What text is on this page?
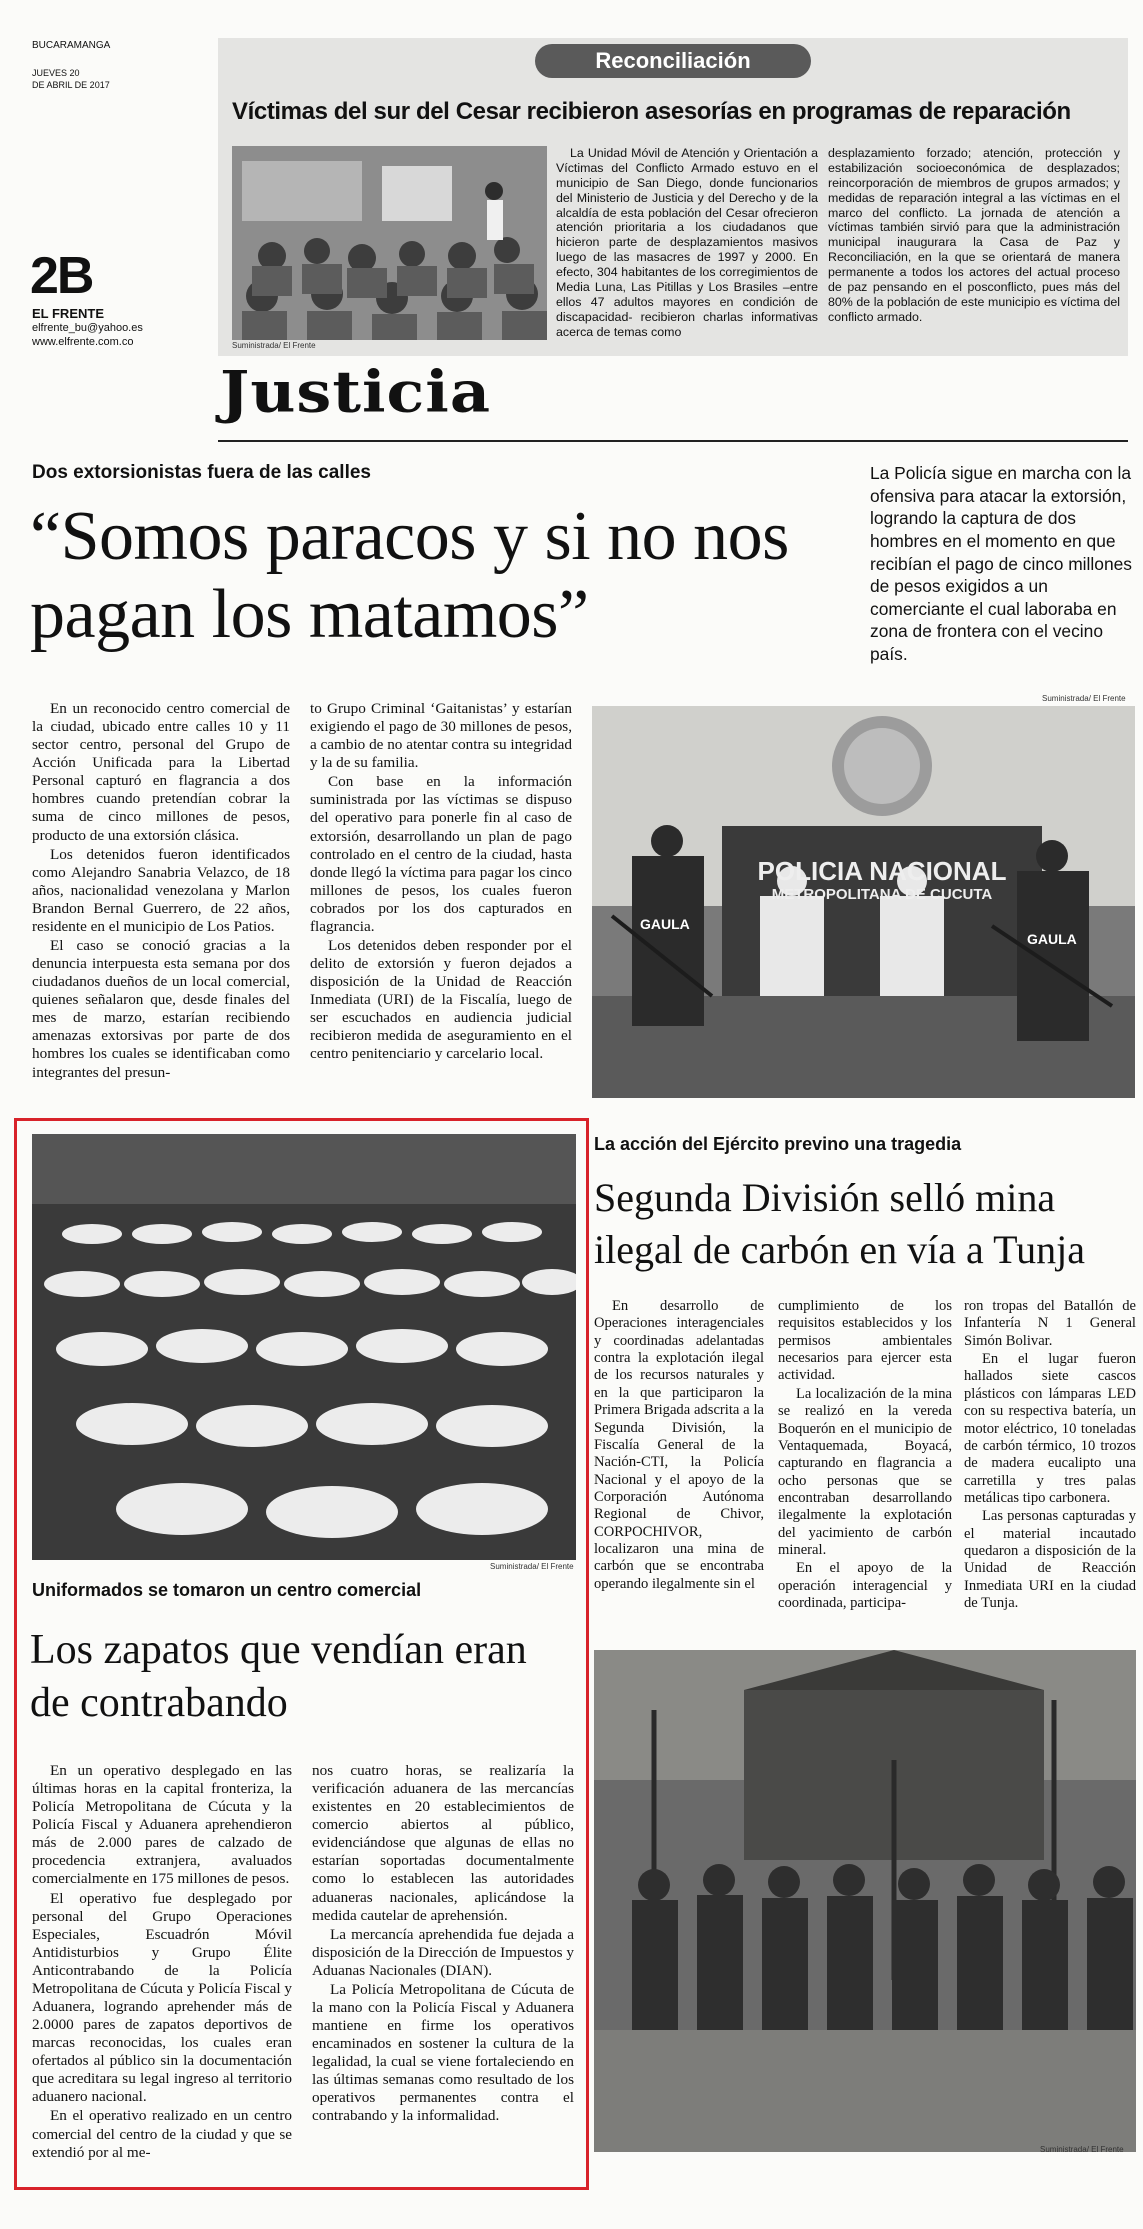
BUCARAMANGA
JUEVES 20
DE ABRIL DE 2017
2B
EL FRENTE
elfrente_bu@yahoo.es
www.elfrente.com.co
Reconciliación
Víctimas del sur del Cesar recibieron asesorías en programas de reparación
Suministrada/ El Frente
La Unidad Móvil de Atención y Orientación a Víctimas del Conflicto Armado estuvo en el municipio de San Diego, donde funcionarios del Ministerio de Justicia y del Derecho y de la alcaldía de esta población del Cesar ofrecieron atención prioritaria a los ciudadanos que hicieron parte de desplazamientos masivos luego de las masacres de 1997 y 2000. En efecto, 304 habitantes de los corregimientos de Media Luna, Las Pitillas y Los Brasiles –entre ellos 47 adultos mayores en condición de discapacidad- recibieron charlas informativas acerca de temas como
desplazamiento forzado; atención, protección y estabilización socioeconómica de desplazados; reincorporación de miembros de grupos armados; y medidas de reparación integral a las víctimas en el marco del conflicto. La jornada de atención a víctimas también sirvió para que la administración municipal inaugurara la Casa de Paz y Reconciliación, en la que se orientará de manera permanente a todos los actores del actual proceso de paz pensando en el posconflicto, pues más del 80% de la población de este municipio es víctima del conflicto armado.
Justicia
Dos extorsionistas fuera de las calles
“Somos paracos y si no nos pagan los matamos”
La Policía sigue en marcha con la ofensiva para atacar la extorsión, logrando la captura de dos hombres en el momento en que recibían el pago de cinco millones de pesos exigidos a un comerciante el cual laboraba en zona de frontera con el vecino país.

En un reconocido centro comercial de la ciudad, ubicado entre calles 10 y 11 sector centro, personal del Grupo de Acción Unificada para la Libertad Personal capturó en flagrancia a dos hombres cuando pretendían cobrar la suma de cinco millones de pesos, producto de una extorsión clásica.

Los detenidos fueron identificados como Alejandro Sanabria Velazco, de 18 años, nacionalidad venezolana y Marlon Brandon Bernal Guerrero, de 22 años, residente en el municipio de Los Patios.

El caso se conoció gracias a la denuncia interpuesta esta semana por dos ciudadanos dueños de un local comercial, quienes señalaron que, desde finales del mes de marzo, estarían recibiendo amenazas extorsivas por parte de dos hombres los cuales se identificaban como integrantes del presun-

to Grupo Criminal ‘Gaitanistas’ y estarían exigiendo el pago de 30 millones de pesos, a cambio de no atentar contra su integridad y la de su familia.

Con base en la información suministrada por las víctimas se dispuso del operativo para ponerle fin al caso de extorsión, desarrollando un plan de pago controlado en el centro de la ciudad, hasta donde llegó la víctima para pagar los cinco millones de pesos, los cuales fueron cobrados por los dos capturados en flagrancia.

Los detenidos deben responder por el delito de extorsión y fueron dejados a disposición de la Unidad de Reacción Inmediata (URI) de la Fiscalía, luego de ser escuchados en audiencia judicial recibieron medida de aseguramiento en el centro penitenciario y carcelario local.

Suministrada/ El Frente
POLICIA NACIONAL
METROPOLITANA DE CUCUTA
GAULA
GAULA
Suministrada/ El Frente
Uniformados se tomaron un centro comercial
Los zapatos que vendían eran de contrabando

En un operativo desplegado en las últimas horas en la capital fronteriza, la Policía Metropolitana de Cúcuta y la Policía Fiscal y Aduanera aprehendieron más de 2.000 pares de calzado de procedencia extranjera, avaluados comercialmente en 175 millones de pesos.

El operativo fue desplegado por personal del Grupo Operaciones Especiales, Escuadrón Móvil Antidisturbios y Grupo Élite Anticontrabando de la Policía Metropolitana de Cúcuta y Policía Fiscal y Aduanera, logrando aprehender más de 2.0000 pares de zapatos deportivos de marcas reconocidas, los cuales eran ofertados al público sin la documentación que acreditara su legal ingreso al territorio aduanero nacional.

En el operativo realizado en un centro comercial del centro de la ciudad y que se extendió por al me-

nos cuatro horas, se realizaría la verificación aduanera de las mercancías existentes en 20 establecimientos de comercio abiertos al público, evidenciándose que algunas de ellas no estarían soportadas documentalmente como lo establecen las autoridades aduaneras nacionales, aplicándose la medida cautelar de aprehensión.

La mercancía aprehendida fue dejada a disposición de la Dirección de Impuestos y Aduanas Nacionales (DIAN).

La Policía Metropolitana de Cúcuta de la mano con la Policía Fiscal y Aduanera mantiene en firme los operativos encaminados en sostener la cultura de la legalidad, la cual se viene fortaleciendo en las últimas semanas como resultado de los operativos permanentes contra el contrabando y la informalidad.

La acción del Ejército previno una tragedia
Segunda División selló mina ilegal de carbón en vía a Tunja

En desarrollo de Operaciones interagenciales y coordinadas adelantadas contra la explotación ilegal de los recursos naturales y en la que participaron la Primera Brigada adscrita a la Segunda División, la Fiscalía General de la Nación-CTI, la Policía Nacional y el apoyo de la Corporación Autónoma Regional de Chivor, CORPOCHIVOR, localizaron una mina de carbón que se encontraba operando ilegalmente sin el

cumplimiento de los requisitos establecidos y los permisos ambientales necesarios para ejercer esta actividad.

La localización de la mina se realizó en la vereda Boquerón en el municipio de Ventaquemada, Boyacá, capturando en flagrancia a ocho personas que se encontraban desarrollando ilegalmente la explotación del yacimiento de carbón mineral.

En el apoyo de la operación interagencial y coordinada, participa-

ron tropas del Batallón de Infantería N 1 General Simón Bolivar.

En el lugar fueron hallados siete cascos plásticos con lámparas LED con su respectiva batería, un motor eléctrico, 10 toneladas de carbón térmico, 10 trozos de madera eucalipto una carretilla y tres palas metálicas tipo carbonera.

Las personas capturadas y el material incautado quedaron a disposición de la Unidad de Reacción Inmediata URI en la ciudad de Tunja.

Suministrada/ El Frente
